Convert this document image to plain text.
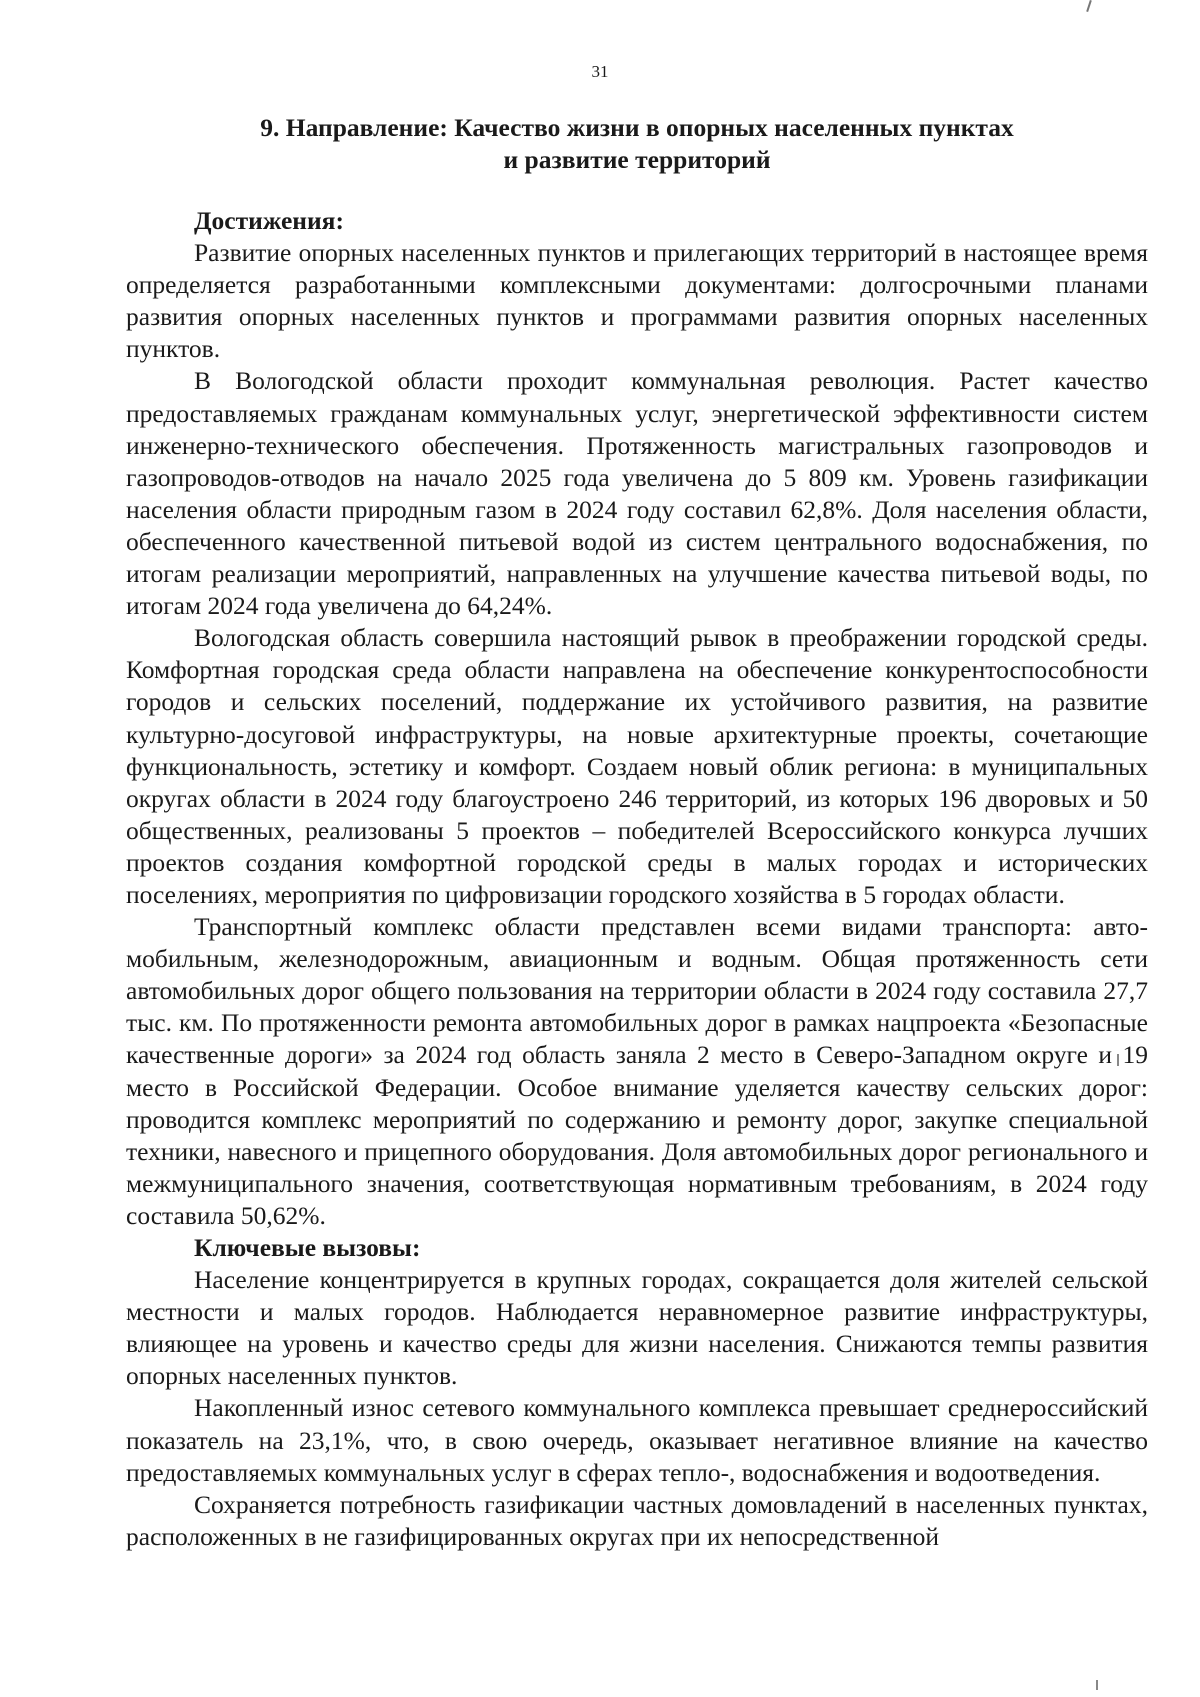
31
9. Направление: Качество жизни в опорных населенных пунктах
и развитие территорий

Достижения:

Развитие опорных населенных пунктов и прилегающих территорий в настоящее время определяется разработанными комплексными документами: долгосрочными планами развития опорных населенных пунктов и программами развития опорных населенных пунктов.

В Вологодской области проходит коммунальная революция. Растет качество предоставляемых гражданам коммунальных услуг, энергетической эффективности систем инженерно-технического обеспечения. Протяженность магистральных газопроводов и газопроводов-отводов на начало 2025 года увеличена до 5 809 км. Уровень газификации населения области природным газом в 2024 году составил 62,8%. Доля населения области, обеспеченного качественной питьевой водой из систем центрального водоснабжения, по итогам реализации мероприятий, направленных на улучшение качества питьевой воды, по итогам 2024 года увеличена до 64,24%.

Вологодская область совершила настоящий рывок в преображении городской среды. Комфортная городская среда области направлена на обеспечение конкурентоспособности городов и сельских поселений, поддержание их устойчивого развития, на развитие культурно-досуговой инфраструктуры, на новые архитектурные проекты, сочетающие функциональность, эстетику и комфорт. Создаем новый облик региона: в муниципальных округах области в 2024 году благоустроено 246 территорий, из которых 196 дворовых и 50 общественных, реализованы 5 проектов – победителей Всероссийского конкурса лучших проектов создания комфортной городской среды в малых городах и исторических поселениях, мероприятия по цифровизации городского хозяйства в 5 городах области.

Транспортный комплекс области представлен всеми видами транспорта: автомобильным, железнодорожным, авиационным и водным. Общая протяженность сети автомобильных дорог общего пользования на территории области в 2024 году составила 27,7 тыс. км. По протяженности ремонта автомобильных дорог в рамках нацпроекта «Безопасные качественные дороги» за 2024 год область заняла 2 место в Северо-Западном округе и 19 место в Российской Федерации. Особое внимание уделяется качеству сельских дорог: проводится комплекс мероприятий по содержанию и ремонту дорог, закупке специальной техники, навесного и прицепного оборудования. Доля автомобильных дорог регионального и межмуниципального значения, соответствующая нормативным требованиям, в 2024 году составила 50,62%.

Ключевые вызовы:

Население концентрируется в крупных городах, сокращается доля жителей сельской местности и малых городов. Наблюдается неравномерное развитие инфраструктуры, влияющее на уровень и качество среды для жизни населения. Снижаются темпы развития опорных населенных пунктов.

Накопленный износ сетевого коммунального комплекса превышает среднероссийский показатель на 23,1%, что, в свою очередь, оказывает негативное влияние на качество предоставляемых коммунальных услуг в сферах тепло-, водоснабжения и водоотведения.

Сохраняется потребность газификации частных домовладений в населенных пунктах, расположенных в не газифицированных округах при их непосредственной
